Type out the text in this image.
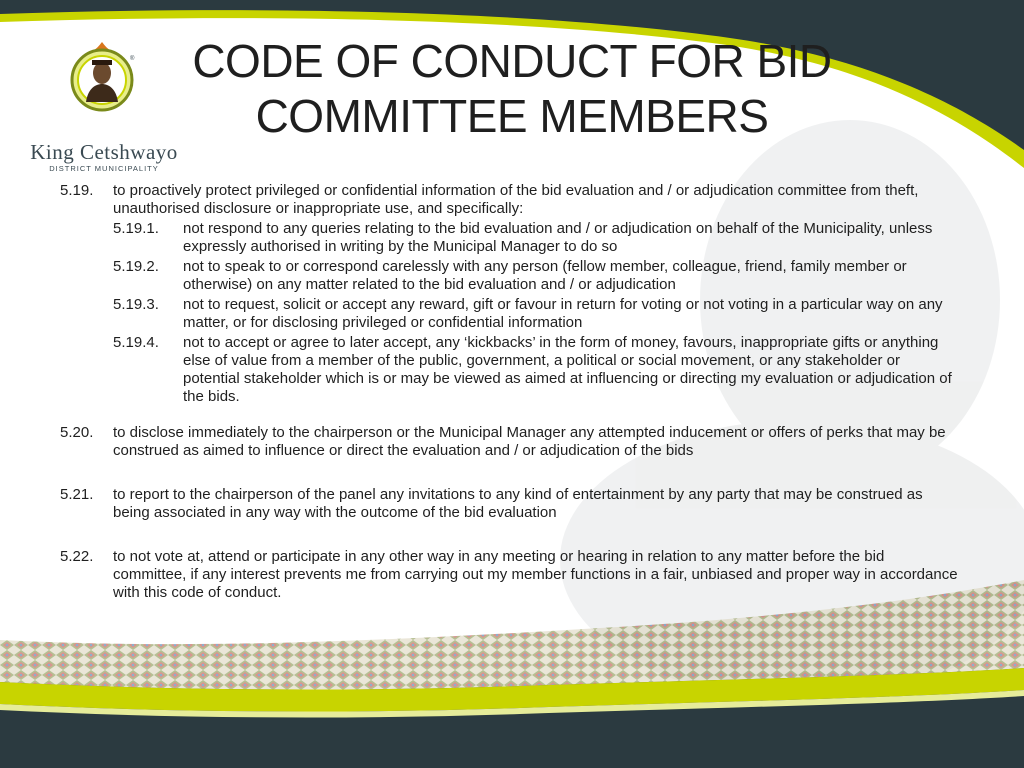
®
King Cetshwayo
DISTRICT MUNICIPALITY
CODE OF CONDUCT FOR BID
COMMITTEE MEMBERS
5.19. to proactively protect privileged or confidential information of the bid evaluation and / or adjudication committee from theft, unauthorised disclosure or inappropriate use, and specifically:
5.19.1. not respond to any queries relating to the bid evaluation and / or adjudication on behalf of the Municipality, unless expressly authorised in writing by the Municipal Manager to do so
5.19.2. not to speak to or correspond carelessly with any person (fellow member, colleague, friend, family member or otherwise) on any matter related to the bid evaluation and / or adjudication
5.19.3. not to request, solicit or accept any reward, gift or favour in return for voting or not voting in a particular way on any matter, or for disclosing privileged or confidential information
5.19.4. not to accept or agree to later accept, any ‘kickbacks’ in the form of money, favours, inappropriate gifts or anything     else of value from a member of the public, government, a political or social movement, or any stakeholder or potential stakeholder which is or may be viewed as aimed at influencing or directing my evaluation or adjudication of the bids.
5.20. to disclose immediately to the chairperson or the Municipal Manager any attempted inducement or offers of perks that may be construed as aimed to influence or direct the evaluation and / or adjudication of the bids
5.21. to report to the chairperson of the panel any invitations to any kind of entertainment by any party that may be construed as being associated in any way with the outcome of the bid evaluation
5.22. to not vote at, attend or participate in any other way in any meeting or hearing in relation to any matter before the bid committee, if any interest prevents me from carrying out my member functions in a fair, unbiased and proper way in accordance with this code of conduct.
